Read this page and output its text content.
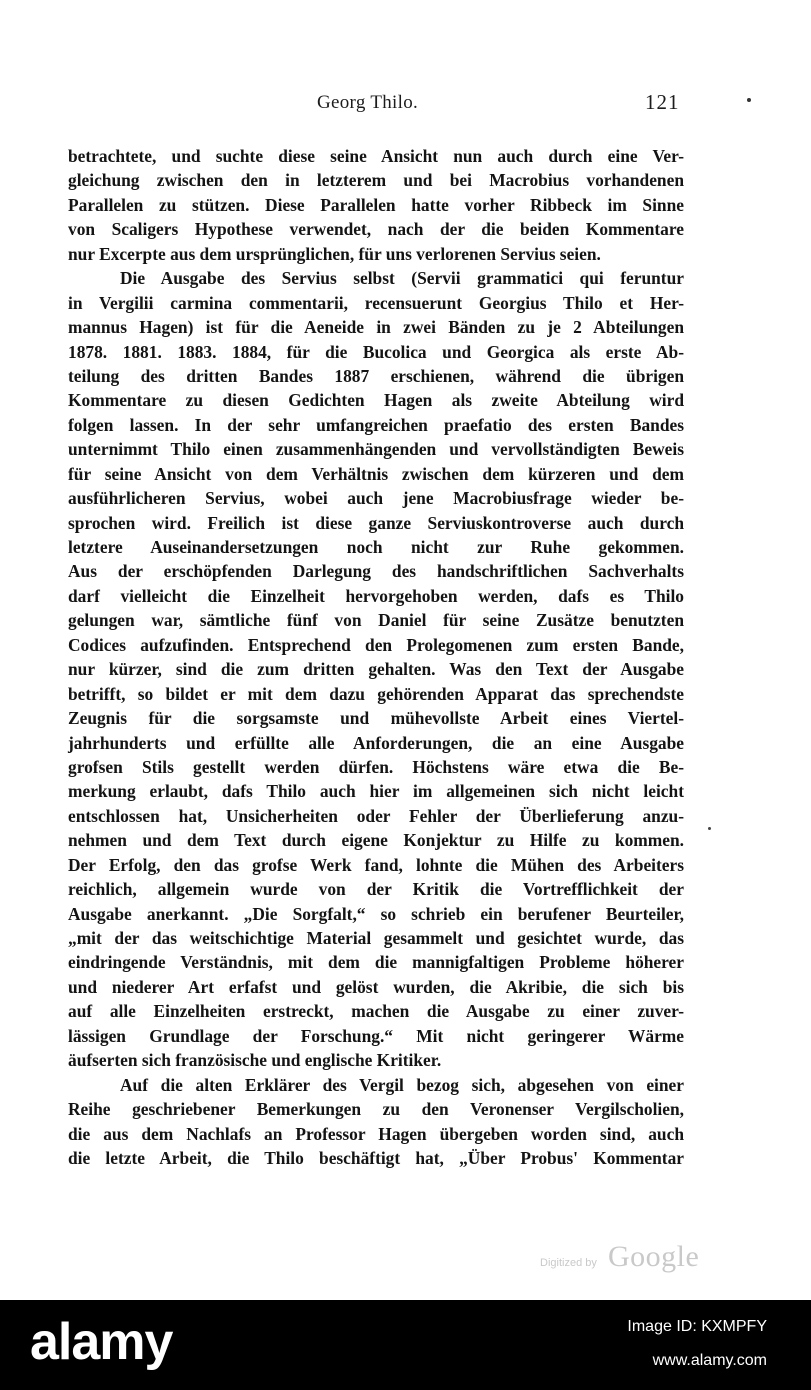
Georg Thilo.	121
betrachtete, und suchte diese seine Ansicht nun auch durch eine Ver-
gleichung zwischen den in letzterem und bei Macrobius vorhandenen
Parallelen zu stützen. Diese Parallelen hatte vorher Ribbeck im Sinne
von Scaligers Hypothese verwendet, nach der die beiden Kommentare
nur Excerpte aus dem ursprünglichen, für uns verlorenen Servius seien.
Die Ausgabe des Servius selbst (Servii grammatici qui feruntur
in Vergilii carmina commentarii, recensuerunt Georgius Thilo et Her-
mannus Hagen) ist für die Aeneide in zwei Bänden zu je 2 Abteilungen
1878. 1881. 1883. 1884, für die Bucolica und Georgica als erste Ab-
teilung des dritten Bandes 1887 erschienen, während die übrigen
Kommentare zu diesen Gedichten Hagen als zweite Abteilung wird
folgen lassen. In der sehr umfangreichen praefatio des ersten Bandes
unternimmt Thilo einen zusammenhängenden und vervollständigten Beweis
für seine Ansicht von dem Verhältnis zwischen dem kürzeren und dem
ausführlicheren Servius, wobei auch jene Macrobiusfrage wieder be-
sprochen wird. Freilich ist diese ganze Serviuskontroverse auch durch
letztere Auseinandersetzungen noch nicht zur Ruhe gekommen.
Aus der erschöpfenden Darlegung des handschriftlichen Sachverhalts
darf vielleicht die Einzelheit hervorgehoben werden, dafs es Thilo
gelungen war, sämtliche fünf von Daniel für seine Zusätze benutzten
Codices aufzufinden. Entsprechend den Prolegomenen zum ersten Bande,
nur kürzer, sind die zum dritten gehalten. Was den Text der Ausgabe
betrifft, so bildet er mit dem dazu gehörenden Apparat das sprechendste
Zeugnis für die sorgsamste und mühevollste Arbeit eines Viertel-
jahrhunderts und erfüllte alle Anforderungen, die an eine Ausgabe
grofsen Stils gestellt werden dürfen. Höchstens wäre etwa die Be-
merkung erlaubt, dafs Thilo auch hier im allgemeinen sich nicht leicht
entschlossen hat, Unsicherheiten oder Fehler der Überlieferung anzu-
nehmen und dem Text durch eigene Konjektur zu Hilfe zu kommen.
Der Erfolg, den das grofse Werk fand, lohnte die Mühen des Arbeiters
reichlich, allgemein wurde von der Kritik die Vortrefflichkeit der
Ausgabe anerkannt. „Die Sorgfalt,“ so schrieb ein berufener Beurteiler,
„mit der das weitschichtige Material gesammelt und gesichtet wurde, das
eindringende Verständnis, mit dem die mannigfaltigen Probleme höherer
und niederer Art erfafst und gelöst wurden, die Akribie, die sich bis
auf alle Einzelheiten erstreckt, machen die Ausgabe zu einer zuver-
lässigen Grundlage der Forschung.“ Mit nicht geringerer Wärme
äufserten sich französische und englische Kritiker.
Auf die alten Erklärer des Vergil bezog sich, abgesehen von einer
Reihe geschriebener Bemerkungen zu den Veronenser Vergilscholien,
die aus dem Nachlafs an Professor Hagen übergeben worden sind, auch
die letzte Arbeit, die Thilo beschäftigt hat, „Über Probus' Kommentar
Digitized by Google
alamy	Image ID: KXMPFY
www.alamy.com
